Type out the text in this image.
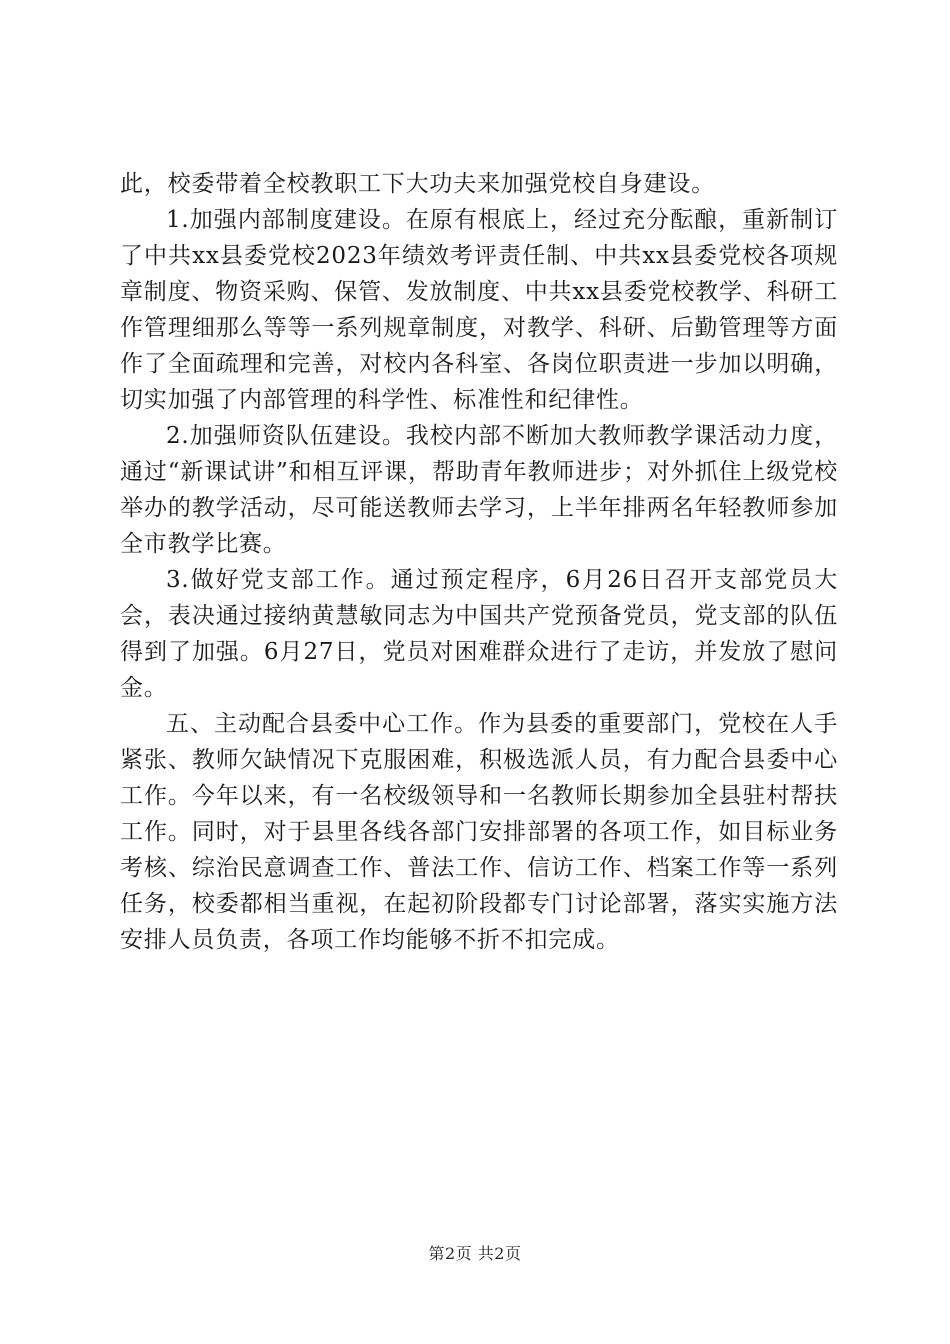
此，校委带着全校教职工下大功夫来加强党校自身建设。

1.加强内部制度建设。在原有根底上，经过充分酝酿，重新制订了中共xx县委党校2023年绩效考评责任制、中共xx县委党校各项规章制度、物资采购、保管、发放制度、中共xx县委党校教学、科研工作管理细那么等等一系列规章制度，对教学、科研、后勤管理等方面作了全面疏理和完善，对校内各科室、各岗位职责进一步加以明确，切实加强了内部管理的科学性、标准性和纪律性。

2.加强师资队伍建设。我校内部不断加大教师教学课活动力度，通过“新课试讲”和相互评课，帮助青年教师进步；对外抓住上级党校举办的教学活动，尽可能送教师去学习，上半年排两名年轻教师参加全市教学比赛。

3.做好党支部工作。通过预定程序，6月26日召开支部党员大会，表决通过接纳黄慧敏同志为中国共产党预备党员，党支部的队伍得到了加强。6月27日，党员对困难群众进行了走访，并发放了慰问金。

五、主动配合县委中心工作。作为县委的重要部门，党校在人手紧张、教师欠缺情况下克服困难，积极选派人员，有力配合县委中心工作。今年以来，有一名校级领导和一名教师长期参加全县驻村帮扶工作。同时，对于县里各线各部门安排部署的各项工作，如目标业务考核、综治民意调查工作、普法工作、信访工作、档案工作等一系列任务，校委都相当重视，在起初阶段都专门讨论部署，落实实施方法安排人员负责，各项工作均能够不折不扣完成。

第2页 共2页
